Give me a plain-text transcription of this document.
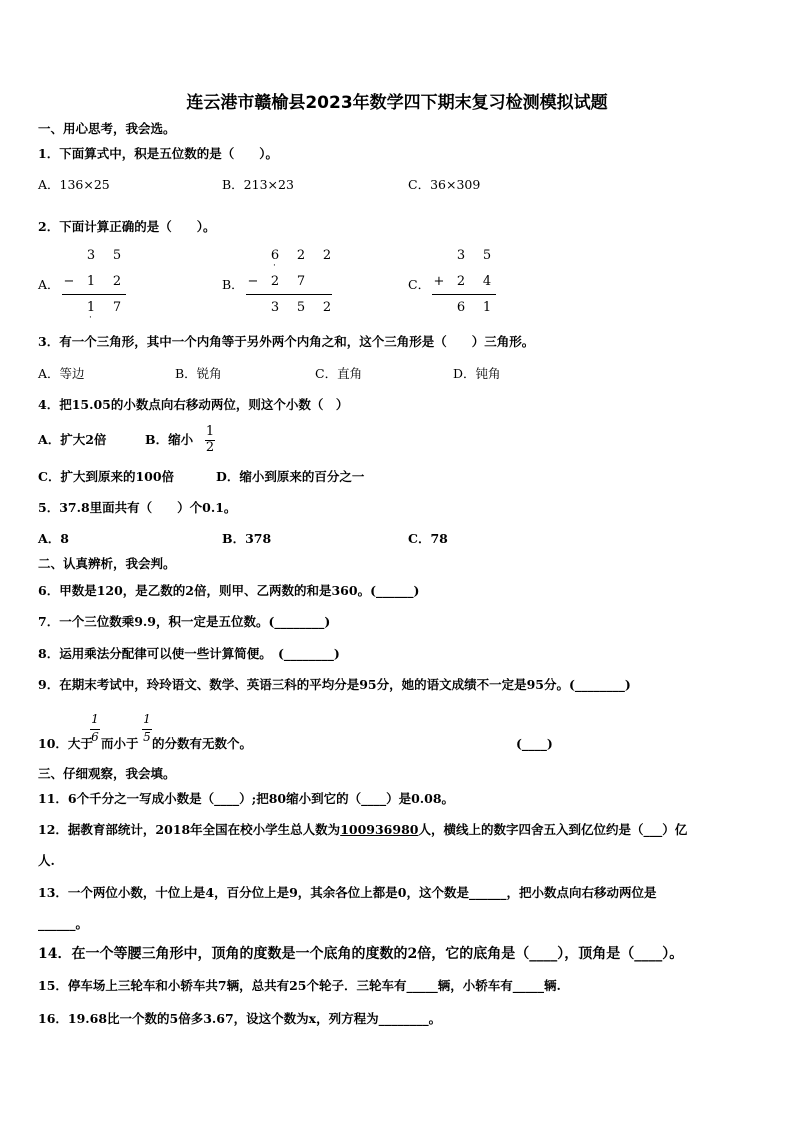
连云港市赣榆县2023年数学四下期末复习检测模拟试题
一、用心思考，我会选。
1．下面算式中，积是五位数的是（　　）。
A．136×25	B．213×23	C．36×309
2．下面计算正确的是（　　）。
A．
3 5
− 1 2
1 7
·
B．
6 2 2
·
− 2 7
3 5 2
C．
3 5
+ 2 4
6 1
3．有一个三角形，其中一个内角等于另外两个内角之和，这个三角形是（　　）三角形。
A．等边	B．锐角	C．直角	D．钝角
4．把15.05的小数点向右移动两位，则这个小数（　）
A．扩大2倍	B．缩小
1
2
C．扩大到原来的100倍	D．缩小到原来的百分之一
5．37.8里面共有（　　）个0.1。
A．8	B．378	C．78
二、认真辨析，我会判。
6．甲数是120，是乙数的2倍，则甲、乙两数的和是360。(______)
7．一个三位数乘9.9，积一定是五位数。(________)
8．运用乘法分配律可以使一些计算简便。　(________)
9．在期末考试中，玲玲语文、数学、英语三科的平均分是95分，她的语文成绩不一定是95分。(________)
10．大于
1
6 而小于
1
5 的分数有无数个。	(____)
三、仔细观察，我会填。
11．6个千分之一写成小数是（____）;把80缩小到它的（____）是0.08。
12．据教育部统计，2018年全国在校小学生总人数为100936980人，横线上的数字四舍五入到亿位约是（___）亿
人.
13．一个两位小数，十位上是4，百分位上是9，其余各位上都是0，这个数是______，把小数点向右移动两位是
______。
14．在一个等腰三角形中，顶角的度数是一个底角的度数的2倍，它的底角是（____），顶角是（____）。
15．停车场上三轮车和小轿车共7辆，总共有25个轮子．三轮车有_____辆，小轿车有_____辆.
16．19.68比一个数的5倍多3.67，设这个数为x，列方程为________。
